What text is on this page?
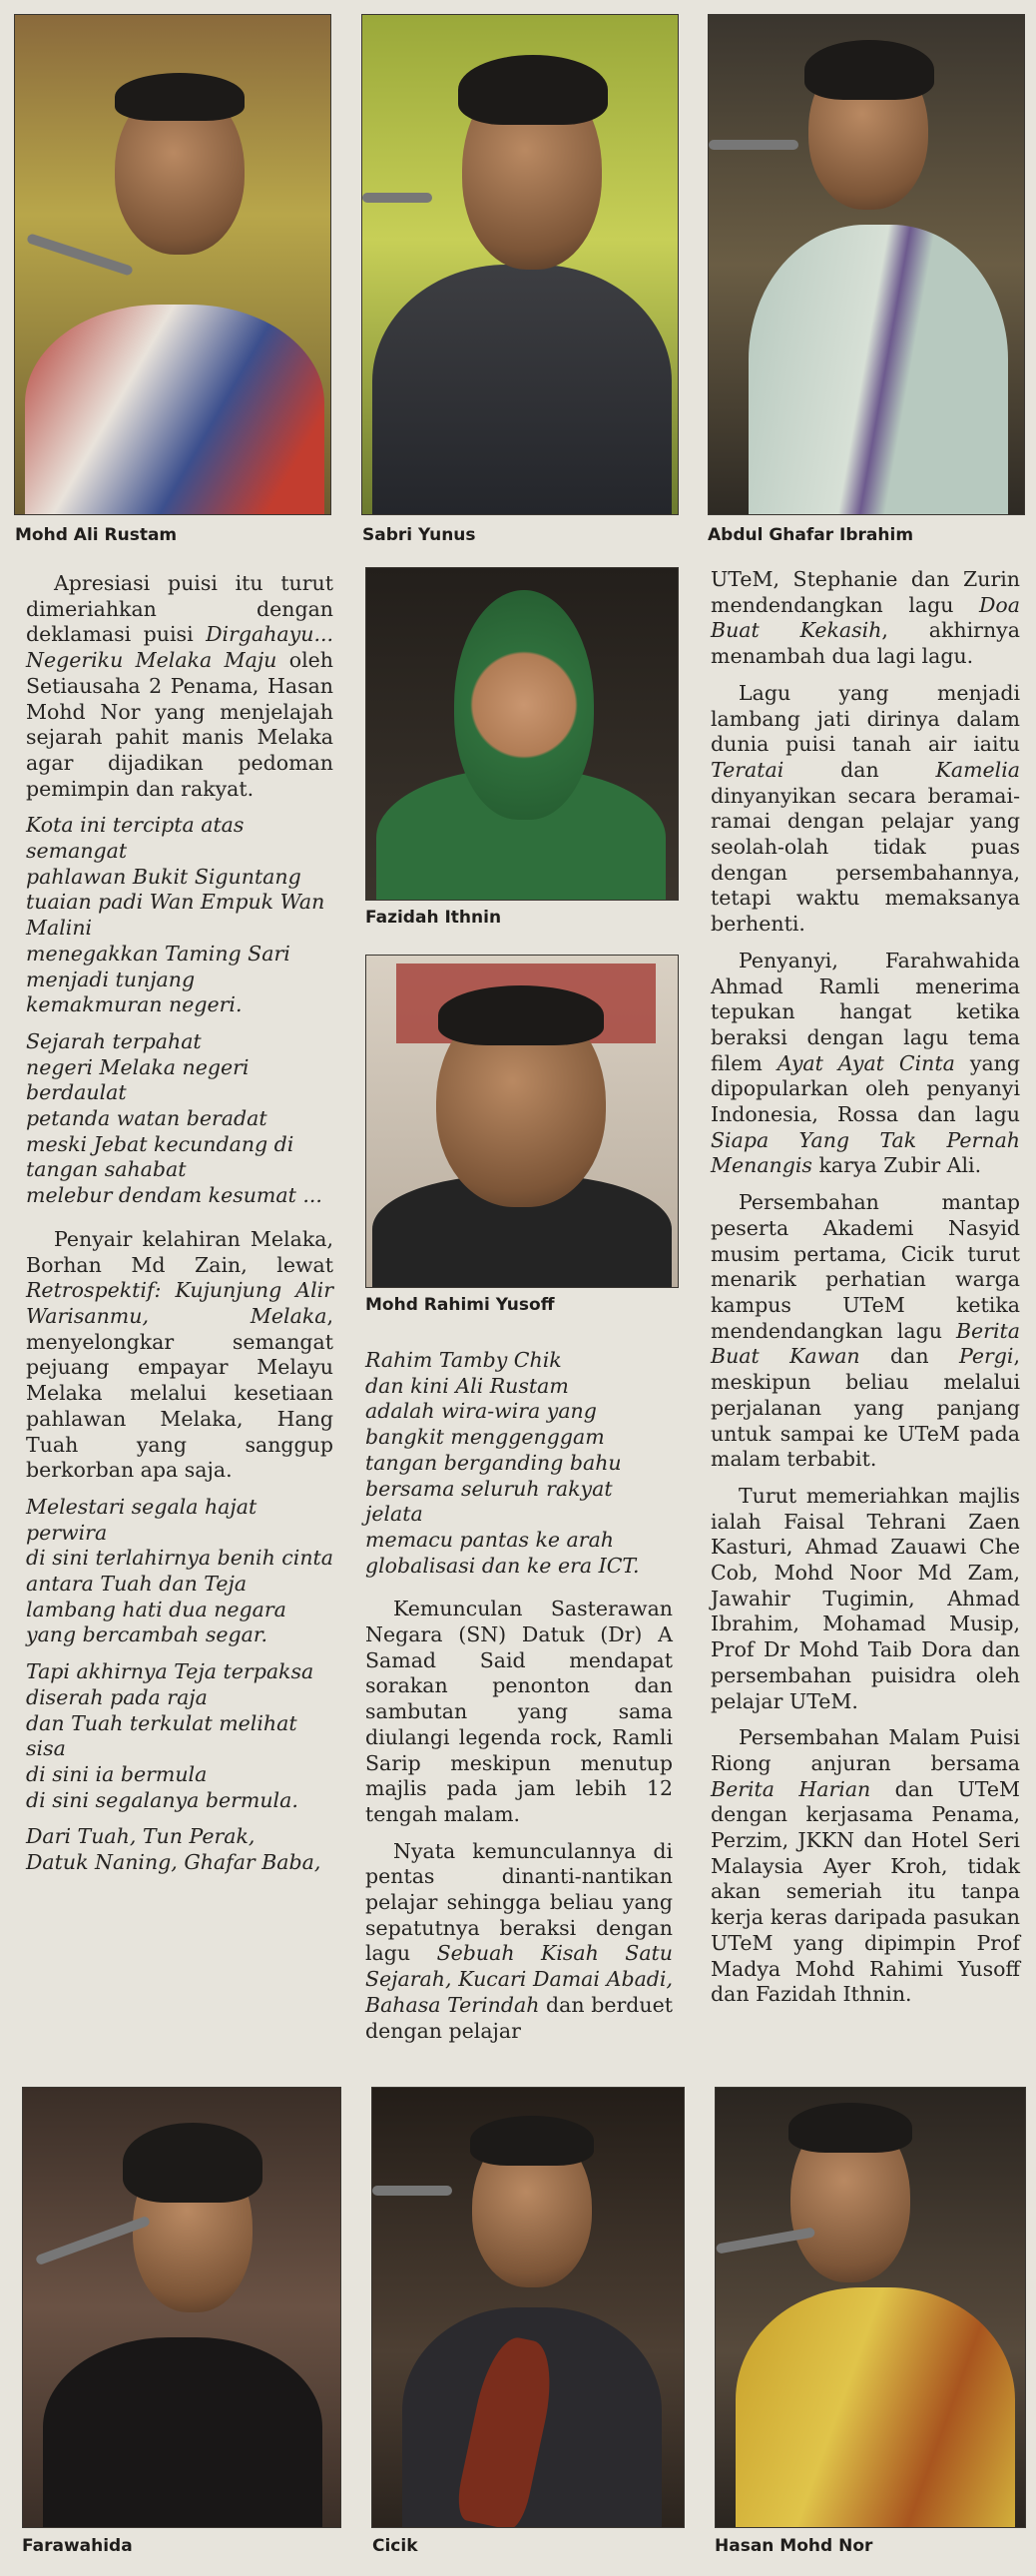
Mohd Ali Rustam	Sabri Yunus	Abdul Ghafar Ibrahim
Fazidah Ithnin
Mohd Rahimi Yusoff

Apresiasi puisi itu turut dimeriahkan dengan deklamasi puisi Dirgahayu... Negeriku Melaka Maju oleh Setiausaha 2 Penama, Hasan Mohd Nor yang menjelajah sejarah pahit manis Melaka agar dijadikan pedoman pemimpin dan rakyat.

Kota ini tercipta atas semangat
pahlawan Bukit Siguntang
tuaian padi Wan Empuk Wan Malini
menegakkan Taming Sari
menjadi tunjang kemakmuran negeri.

Sejarah terpahat
negeri Melaka negeri berdaulat
petanda watan beradat
meski Jebat kecundang di tangan sahabat
melebur dendam kesumat ...

Penyair kelahiran Melaka, Borhan Md Zain, lewat Retrospektif: Kujunjung Alir Warisanmu, Melaka, menyelongkar semangat pejuang empayar Melayu Melaka melalui kesetiaan pahlawan Melaka, Hang Tuah yang sanggup berkorban apa saja.

Melestari segala hajat perwira
di sini terlahirnya benih cinta
antara Tuah dan Teja
lambang hati dua negara
yang bercambah segar.

Tapi akhirnya Teja terpaksa diserah pada raja
dan Tuah terkulat melihat sisa
di sini ia bermula
di sini segalanya bermula.

Dari Tuah, Tun Perak,
Datuk Naning, Ghafar Baba,

Rahim Tamby Chik
dan kini Ali Rustam
adalah wira-wira yang bangkit menggenggam
tangan berganding bahu
bersama seluruh rakyat jelata
memacu pantas ke arah
globalisasi dan ke era ICT.

Kemunculan Sasterawan Negara (SN) Datuk (Dr) A Samad Said mendapat sorakan penonton dan sambutan yang sama diulangi legenda rock, Ramli Sarip meskipun menutup majlis pada jam lebih 12 tengah malam.

Nyata kemunculannya di pentas dinanti-nantikan pelajar sehingga beliau yang sepatutnya beraksi dengan lagu Sebuah Kisah Satu Sejarah, Kucari Damai Abadi, Bahasa Terindah dan berduet dengan pelajar

UTeM, Stephanie dan Zurin mendendangkan lagu Doa Buat Kekasih, akhirnya menambah dua lagi lagu.

Lagu yang menjadi lambang jati dirinya dalam dunia puisi tanah air iaitu Teratai dan Kamelia dinyanyikan secara beramai-ramai dengan pelajar yang seolah-olah tidak puas dengan persembahannya, tetapi waktu memaksanya berhenti.

Penyanyi, Farahwahida Ahmad Ramli menerima tepukan hangat ketika beraksi dengan lagu tema filem Ayat Ayat Cinta yang dipopularkan oleh penyanyi Indonesia, Rossa dan lagu Siapa Yang Tak Pernah Menangis karya Zubir Ali.

Persembahan mantap peserta Akademi Nasyid musim pertama, Cicik turut menarik perhatian warga kampus UTeM ketika mendendangkan lagu Berita Buat Kawan dan Pergi, meskipun beliau melalui perjalanan yang panjang untuk sampai ke UTeM pada malam terbabit.

Turut memeriahkan majlis ialah Faisal Tehrani Zaen Kasturi, Ahmad Zauawi Che Cob, Mohd Noor Md Zam, Jawahir Tugimin, Ahmad Ibrahim, Mohamad Musip, Prof Dr Mohd Taib Dora dan persembahan puisidra oleh pelajar UTeM.

Persembahan Malam Puisi Riong anjuran bersama Berita Harian dan UTeM dengan kerjasama Penama, Perzim, JKKN dan Hotel Seri Malaysia Ayer Kroh, tidak akan semeriah itu tanpa kerja keras daripada pasukan UTeM yang dipimpin Prof Madya Mohd Rahimi Yusoff dan Fazidah Ithnin.

Farawahida	Cicik	Hasan Mohd Nor
